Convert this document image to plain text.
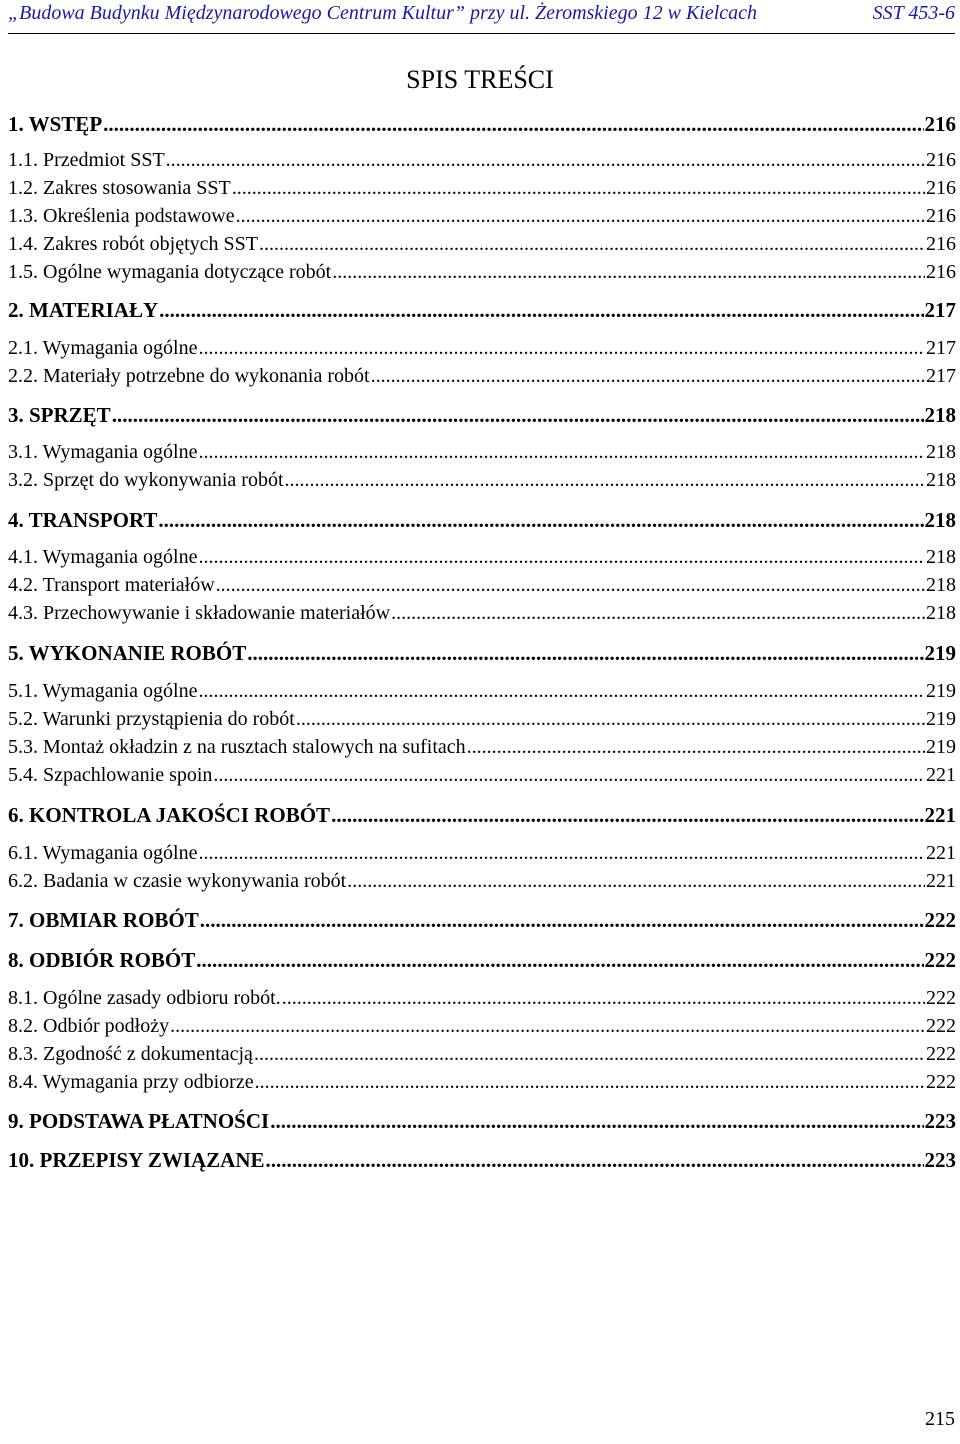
„Budowa Budynku Międzynarodowego Centrum Kultur” przy ul. Żeromskiego 12 w Kielcach	SST 453-6
SPIS TREŚCI
1. WSTĘP .....	216
1.1. Przedmiot SST .....	216
1.2. Zakres stosowania SST .....	216
1.3. Określenia podstawowe .....	216
1.4. Zakres robót objętych SST .....	216
1.5. Ogólne wymagania dotyczące robót .....	216
2. MATERIAŁY .....	217
2.1. Wymagania ogólne .....	217
2.2. Materiały potrzebne do wykonania robót .....	217
3. SPRZĘT .....	218
3.1. Wymagania ogólne .....	218
3.2. Sprzęt do wykonywania robót .....	218
4. TRANSPORT .....	218
4.1. Wymagania ogólne .....	218
4.2. Transport materiałów .....	218
4.3. Przechowywanie i składowanie materiałów .....	218
5. WYKONANIE ROBÓT .....	219
5.1. Wymagania ogólne .....	219
5.2. Warunki przystąpienia do robót .....	219
5.3. Montaż okładzin z na rusztach stalowych na sufitach .....	219
5.4. Szpachlowanie spoin .....	221
6. KONTROLA JAKOŚCI ROBÓT .....	221
6.1. Wymagania ogólne .....	221
6.2. Badania w czasie wykonywania robót .....	221
7. OBMIAR ROBÓT .....	222
8. ODBIÓR ROBÓT .....	222
8.1. Ogólne zasady odbioru robót. .....	222
8.2. Odbiór podłoży .....	222
8.3. Zgodność z dokumentacją .....	222
8.4. Wymagania przy odbiorze .....	222
9. PODSTAWA PŁATNOŚCI .....	223
10. PRZEPISY ZWIĄZANE .....	223
215
